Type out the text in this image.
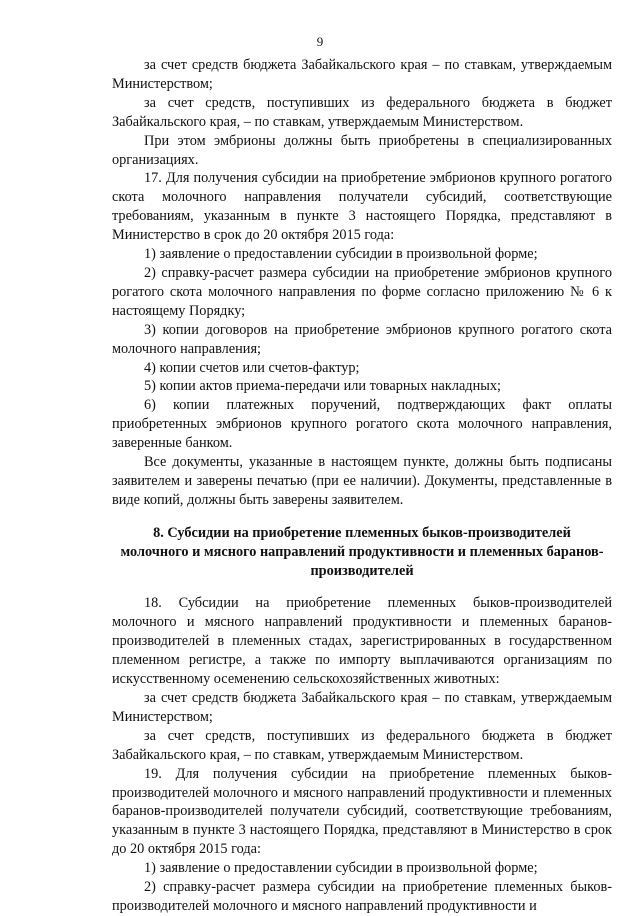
9

за счет средств бюджета Забайкальского края – по ставкам, утверждаемым Министерством;

за счет средств, поступивших из федерального бюджета в бюджет Забайкальского края, – по ставкам, утверждаемым Министерством.

При этом эмбрионы должны быть приобретены в специализированных организациях.

17. Для получения субсидии на приобретение эмбрионов крупного рогатого скота молочного направления получатели субсидий, соответствующие требованиям, указанным в пункте 3 настоящего Порядка, представляют в Министерство в срок до 20 октября 2015 года:

1) заявление о предоставлении субсидии в произвольной форме;

2) справку-расчет размера субсидии на приобретение эмбрионов крупного рогатого скота молочного направления по форме согласно приложению № 6 к настоящему Порядку;

3) копии договоров на приобретение эмбрионов крупного рогатого скота молочного направления;

4) копии счетов или счетов-фактур;

5) копии актов приема-передачи или товарных накладных;

6) копии платежных поручений, подтверждающих факт оплаты приобретенных эмбрионов крупного рогатого скота молочного направления, заверенные банком.

Все документы, указанные в настоящем пункте, должны быть подписаны заявителем и заверены печатью (при ее наличии). Документы, представленные в виде копий, должны быть заверены заявителем.

8. Субсидии на приобретение племенных быков-производителей молочного и мясного направлений продуктивности и племенных баранов-производителей

18. Субсидии на приобретение племенных быков-производителей молочного и мясного направлений продуктивности и племенных баранов-производителей в племенных стадах, зарегистрированных в государственном племенном регистре, а также по импорту выплачиваются организациям по искусственному осеменению сельскохозяйственных животных:

за счет средств бюджета Забайкальского края – по ставкам, утверждаемым Министерством;

за счет средств, поступивших из федерального бюджета в бюджет Забайкальского края, – по ставкам, утверждаемым Министерством.

19. Для получения субсидии на приобретение племенных быков-производителей молочного и мясного направлений продуктивности и племенных баранов-производителей получатели субсидий, соответствующие требованиям, указанным в пункте 3 настоящего Порядка, представляют в Министерство в срок до 20 октября 2015 года:

1) заявление о предоставлении субсидии в произвольной форме;

2) справку-расчет размера субсидии на приобретение племенных быков-производителей молочного и мясного направлений продуктивности и
